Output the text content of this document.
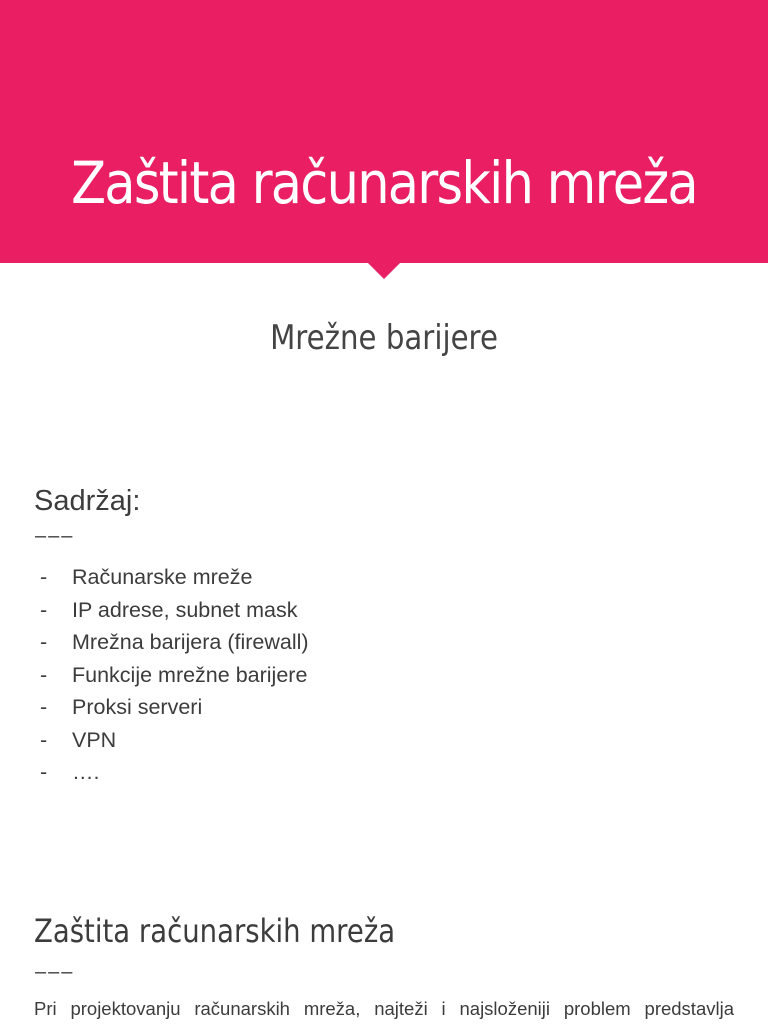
Zaštita računarskih mreža
Mrežne barijere
Sadržaj:
–––
- Računarske mreže
- IP adrese, subnet mask
- Mrežna barijera (firewall)
- Funkcije mrežne barijere
- Proksi serveri
- VPN
- ….
Zaštita računarskih mreža
–––

Pri projektovanju računarskih mreža, najteži i najsloženiji problem predstavlja
